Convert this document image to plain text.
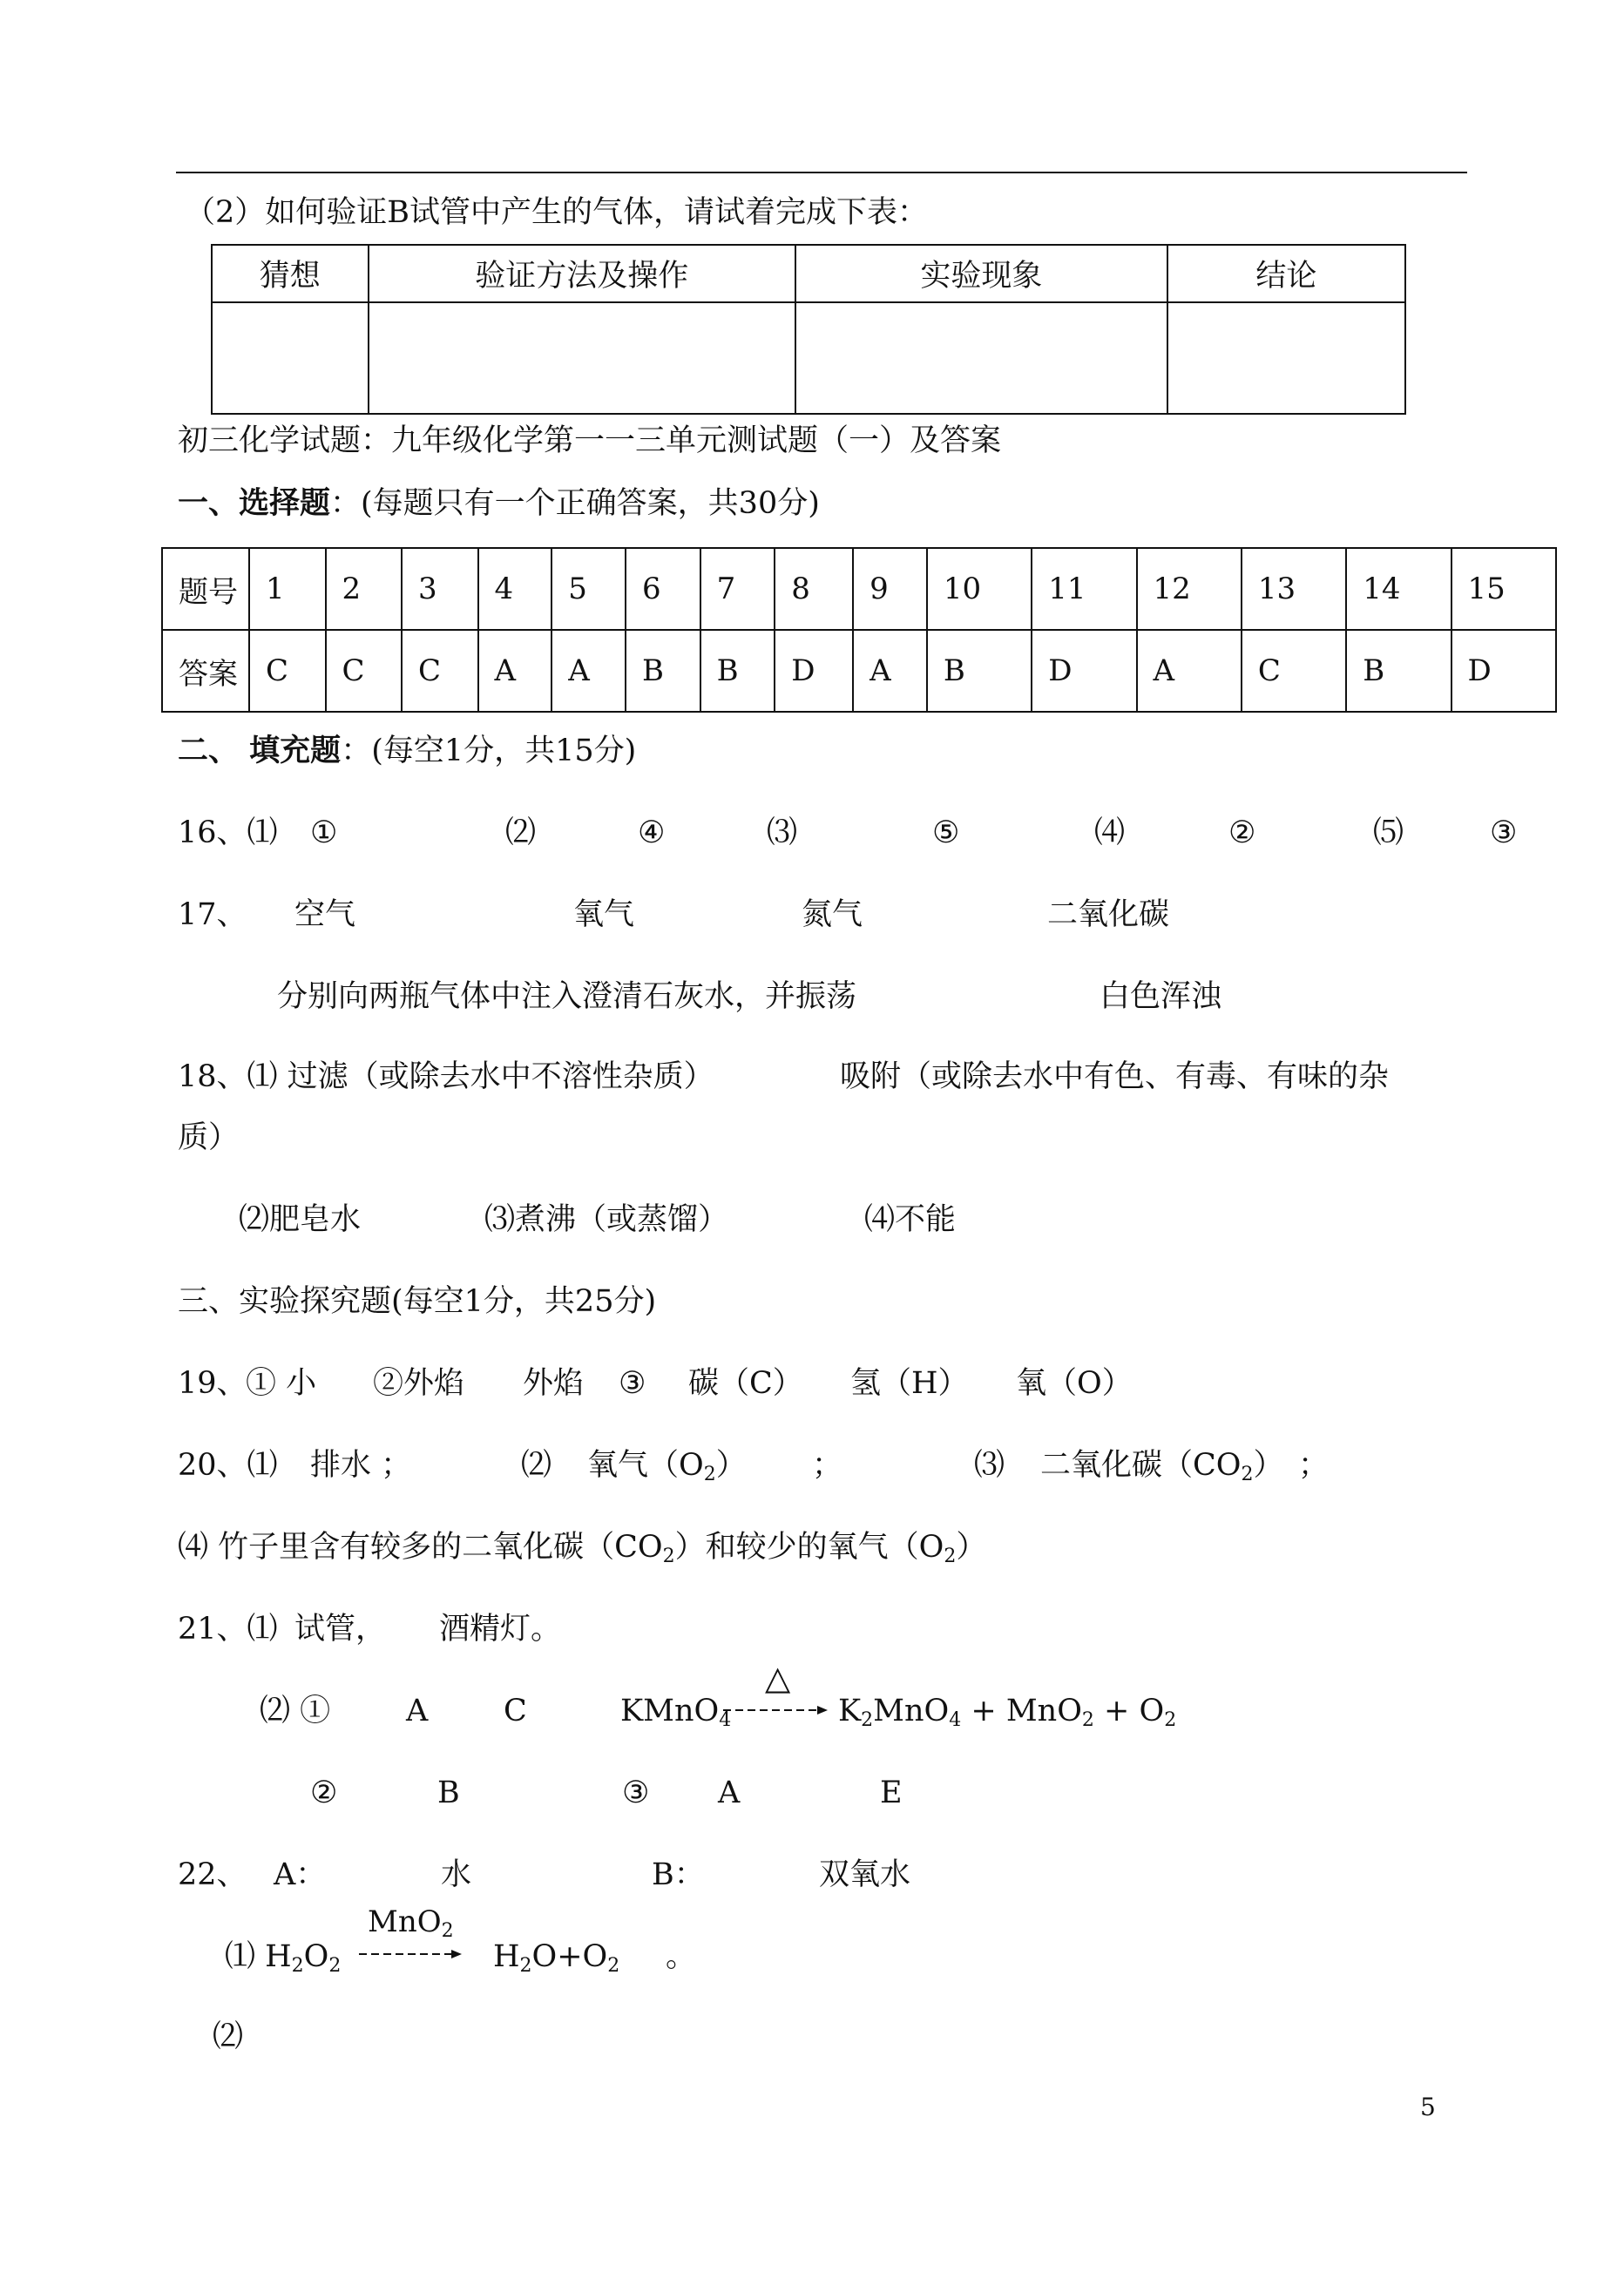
（2）如何验证B试管中产生的气体，请试着完成下表：
猜想	验证方法及操作	实验现象	结论

初三化学试题：九年级化学第一一三单元测试题（一）及答案
一、选择题：(每题只有一个正确答案，共30分)
题号	1	2	3	4	5	6	7	8	9	10	11	12	13	14	15
答案	C	C	C	A	A	B	B	D	A	B	D	A	C	B	D
二、 填充题：(每空1分，共15分)
16、⑴ ①	⑵	④	⑶	⑤	⑷	②	⑸	③
17、 空气	氧气	氮气	二氧化碳
分别向两瓶气体中注入澄清石灰水，并振荡	白色浑浊
18、⑴ 过滤（或除去水中不溶性杂质）	吸附（或除去水中有色、有毒、有味的杂
质）
⑵肥皂水	⑶煮沸（或蒸馏）	⑷不能
三、实验探究题(每空1分，共25分)
19、
① 小 ②外焰 外焰 ③ 碳（C） 氢（H） 氧（O）
20、⑴ 排水 ；	⑵ 氧气$(O_2)$ ；	⑶ 二氧化碳$(CO_2)$ ；
⑷ 竹子里含有较多的二氧化碳$(CO_2)$和较少的氧气$(O_2)$
21、⑴ 试管， 酒精灯。
⑵ ① A C	KMnO$_4$
△
$K_2MnO_4 + MnO_2 + O_2$
②	B	③ A	E
22、 A：	水	B：	双氧水
⑴ $H_2O_2$
MnO$_2$
$H_2O+O_2$ 。
⑵
5
